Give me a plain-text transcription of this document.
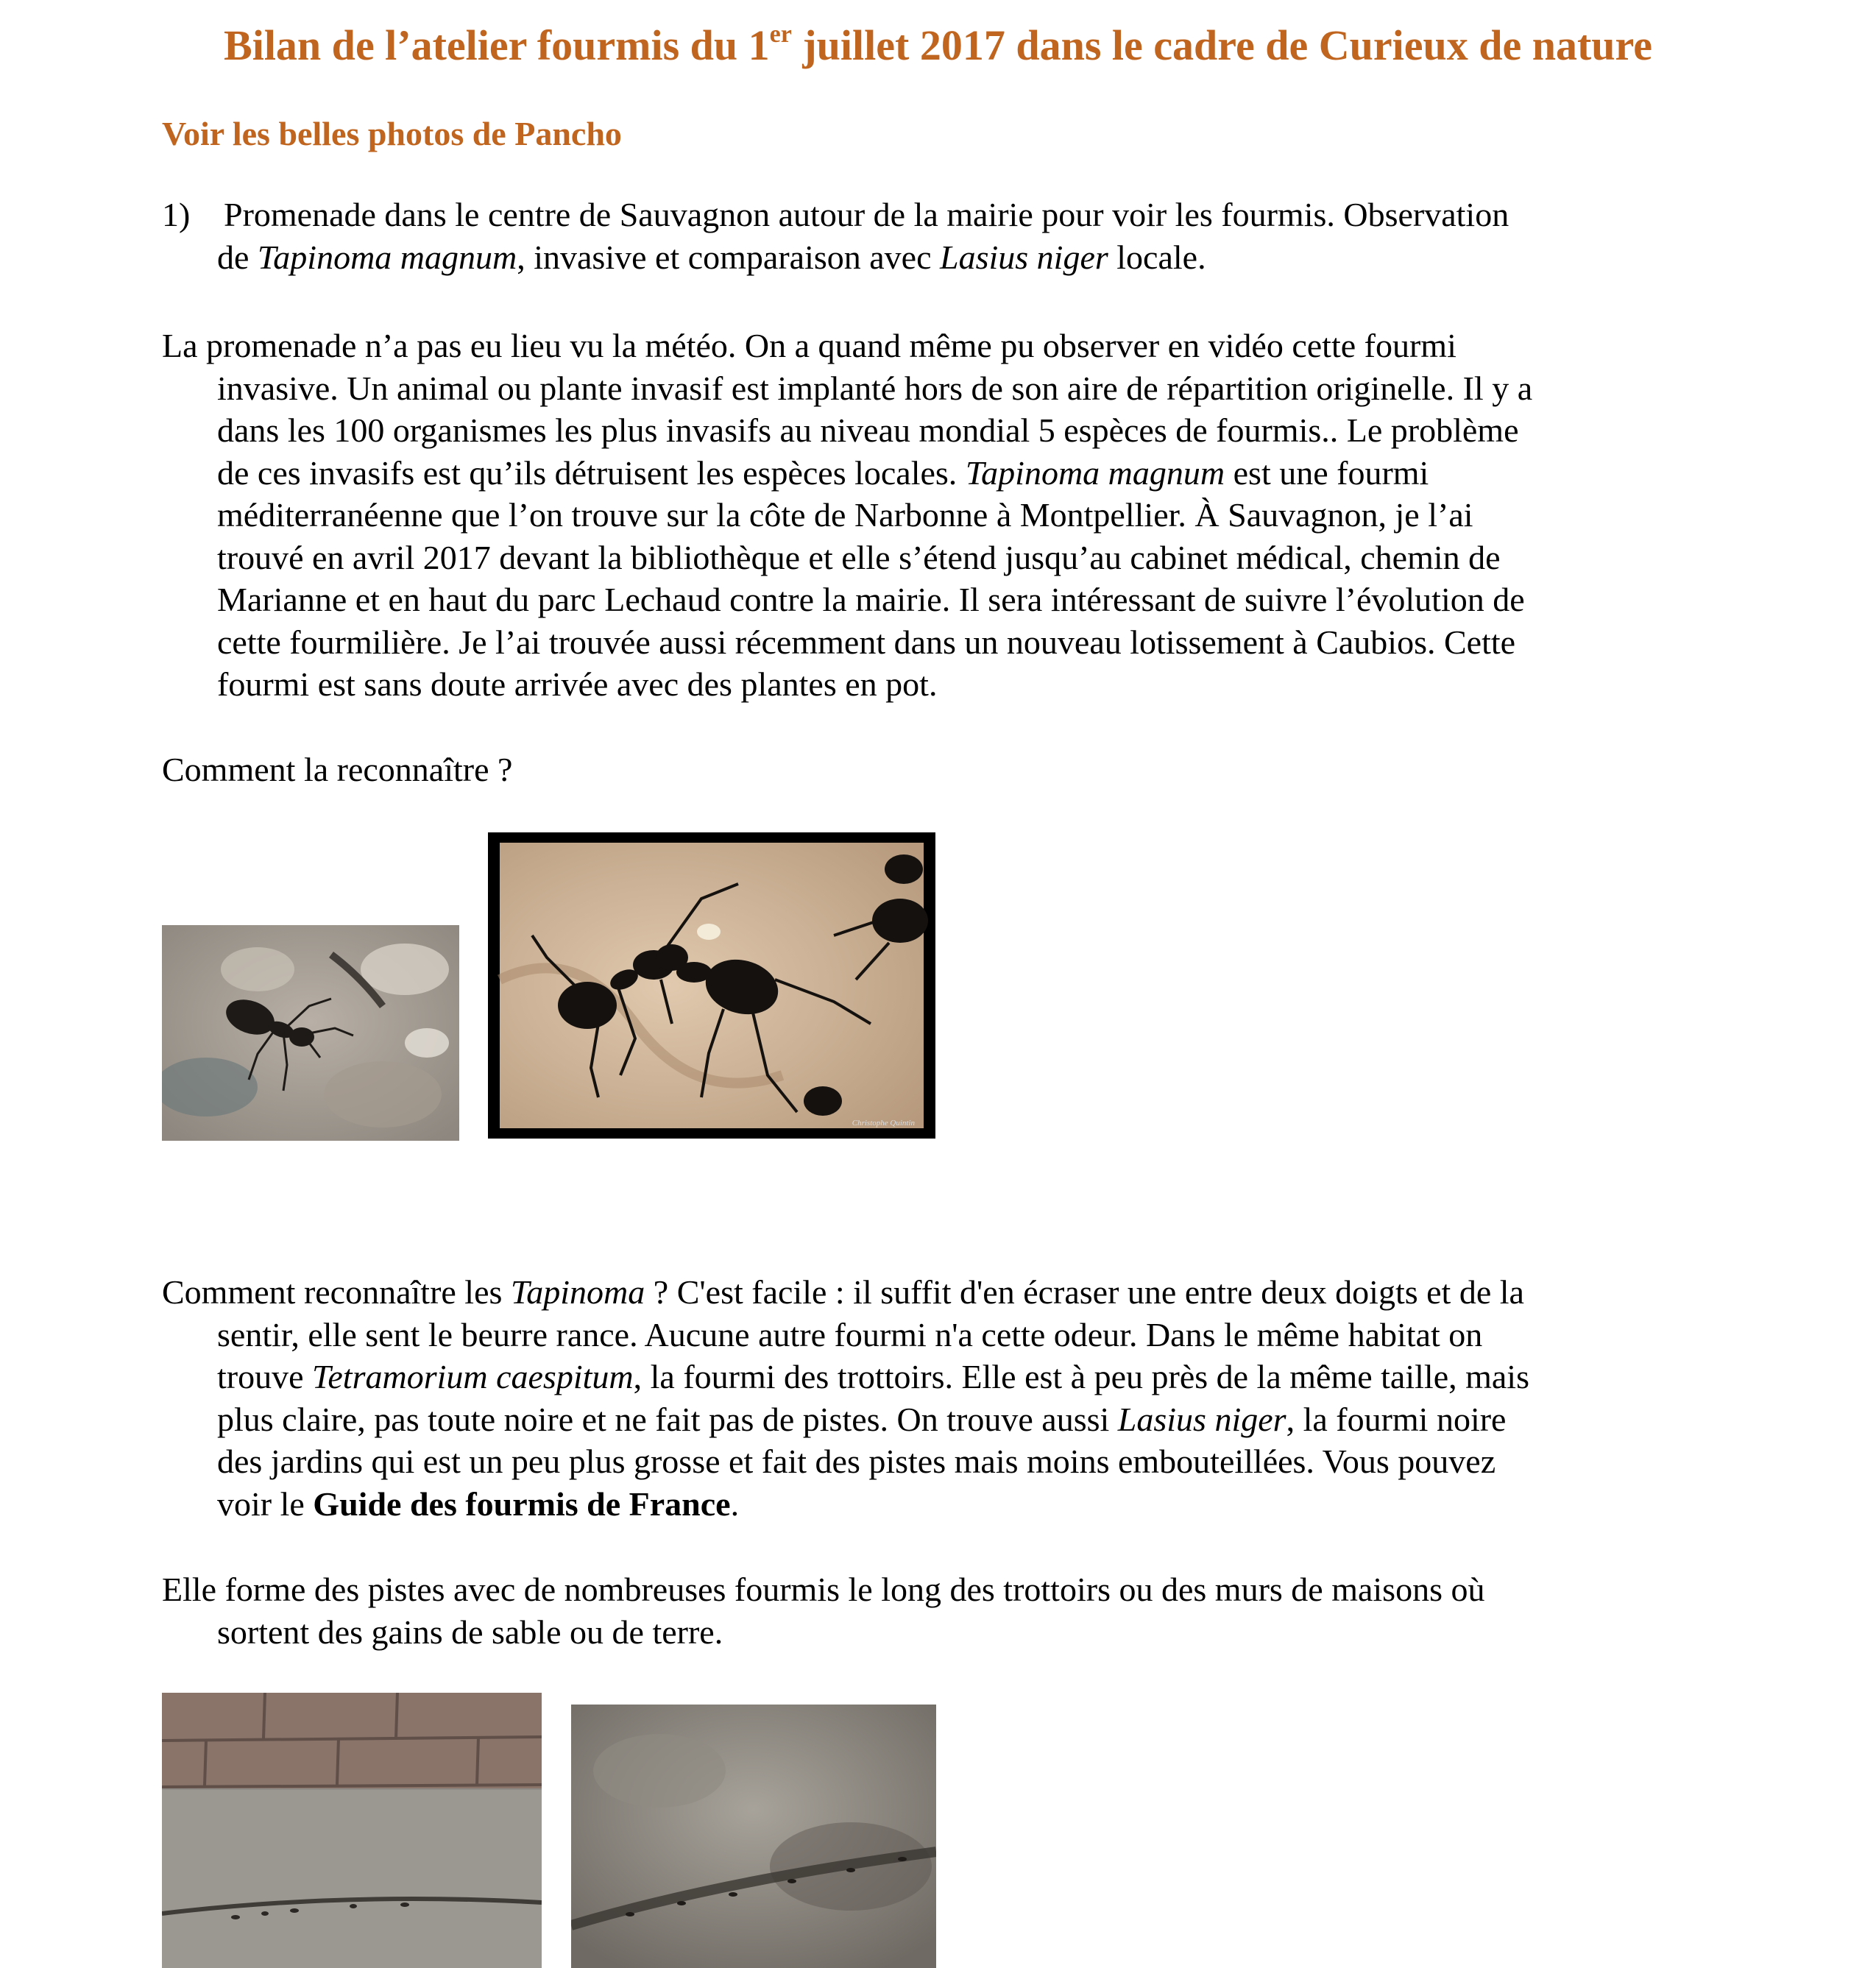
Bilan de l’atelier fourmis du 1er juillet 2017 dans le cadre de Curieux de nature
Voir les belles photos de Pancho
1) Promenade dans le centre de Sauvagnon autour de la mairie pour voir les fourmis. Observation
de Tapinoma magnum, invasive et comparaison avec Lasius niger locale.
La promenade n’a pas eu lieu vu la météo. On a quand même pu observer en vidéo cette fourmi
invasive. Un animal ou plante invasif est implanté hors de son aire de répartition originelle. Il y a
dans les 100 organismes les plus invasifs au niveau mondial 5 espèces de fourmis.. Le problème
de ces invasifs est qu’ils détruisent les espèces locales. Tapinoma magnum est une fourmi
méditerranéenne que l’on trouve sur la côte de Narbonne à Montpellier. À Sauvagnon, je l’ai
trouvé en avril 2017 devant la bibliothèque et elle s’étend jusqu’au cabinet médical, chemin de
Marianne et en haut du parc Lechaud contre la mairie. Il sera intéressant de suivre l’évolution de
cette fourmilière. Je l’ai trouvée aussi récemment dans un nouveau lotissement à Caubios. Cette
fourmi est sans doute arrivée avec des plantes en pot.
Comment la reconnaître ?
Christophe Quintin
Comment reconnaître les Tapinoma ? C'est facile : il suffit d'en écraser une entre deux doigts et de la
sentir, elle sent le beurre rance. Aucune autre fourmi n'a cette odeur. Dans le même habitat on
trouve Tetramorium caespitum, la fourmi des trottoirs. Elle est à peu près de la même taille, mais
plus claire, pas toute noire et ne fait pas de pistes. On trouve aussi Lasius niger, la fourmi noire
des jardins qui est un peu plus grosse et fait des pistes mais moins embouteillées. Vous pouvez
voir le Guide des fourmis de France.
Elle forme des pistes avec de nombreuses fourmis le long des trottoirs ou des murs de maisons où
sortent des gains de sable ou de terre.
